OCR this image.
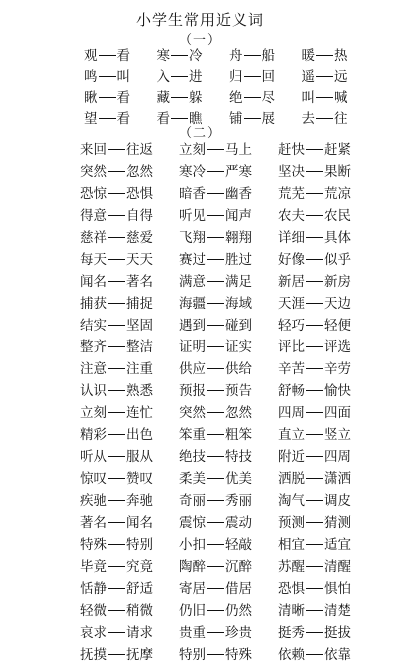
小学生常用近义词
（一）
观 看	寒 冷	舟 船	暖 热
鸣 叫	入 进	归 回	遥 远
瞅 看	藏 躲	绝 尽	叫 喊
望 看	看 瞧	铺 展	去 往
（二）
来回 往返	立刻 马上	赶快 赶紧
突然 忽然	寒冷 严寒	坚决 果断
恐惊 恐惧	暗香 幽香	荒芜 荒凉
得意 自得	听见 闻声	农夫 农民
慈祥 慈爱	飞翔 翱翔	详细 具体
每天 天天	赛过 胜过	好像 似乎
闻名 著名	满意 满足	新居 新房
捕获 捕捉	海疆 海域	天涯 天边
结实 坚固	遇到 碰到	轻巧 轻便
整齐 整洁	证明 证实	评比 评选
注意 注重	供应 供给	辛苦 辛劳
认识 熟悉	预报 预告	舒畅 愉快
立刻 连忙	突然 忽然	四周 四面
精彩 出色	笨重 粗笨	直立 竖立
听从 服从	绝技 特技	附近 四周
惊叹 赞叹	柔美 优美	洒脱 潇洒
疾驰 奔驰	奇丽 秀丽	淘气 调皮
著名 闻名	震惊 震动	预测 猜测
特殊 特别	小扣 轻敲	相宜 适宜
毕竟 究竟	陶醉 沉醉	苏醒 清醒
恬静 舒适	寄居 借居	恐惧 惧怕
轻微 稍微	仍旧 仍然	清晰 清楚
哀求 请求	贵重 珍贵	挺秀 挺拔
抚摸 抚摩	特别 特殊	依赖 依靠
